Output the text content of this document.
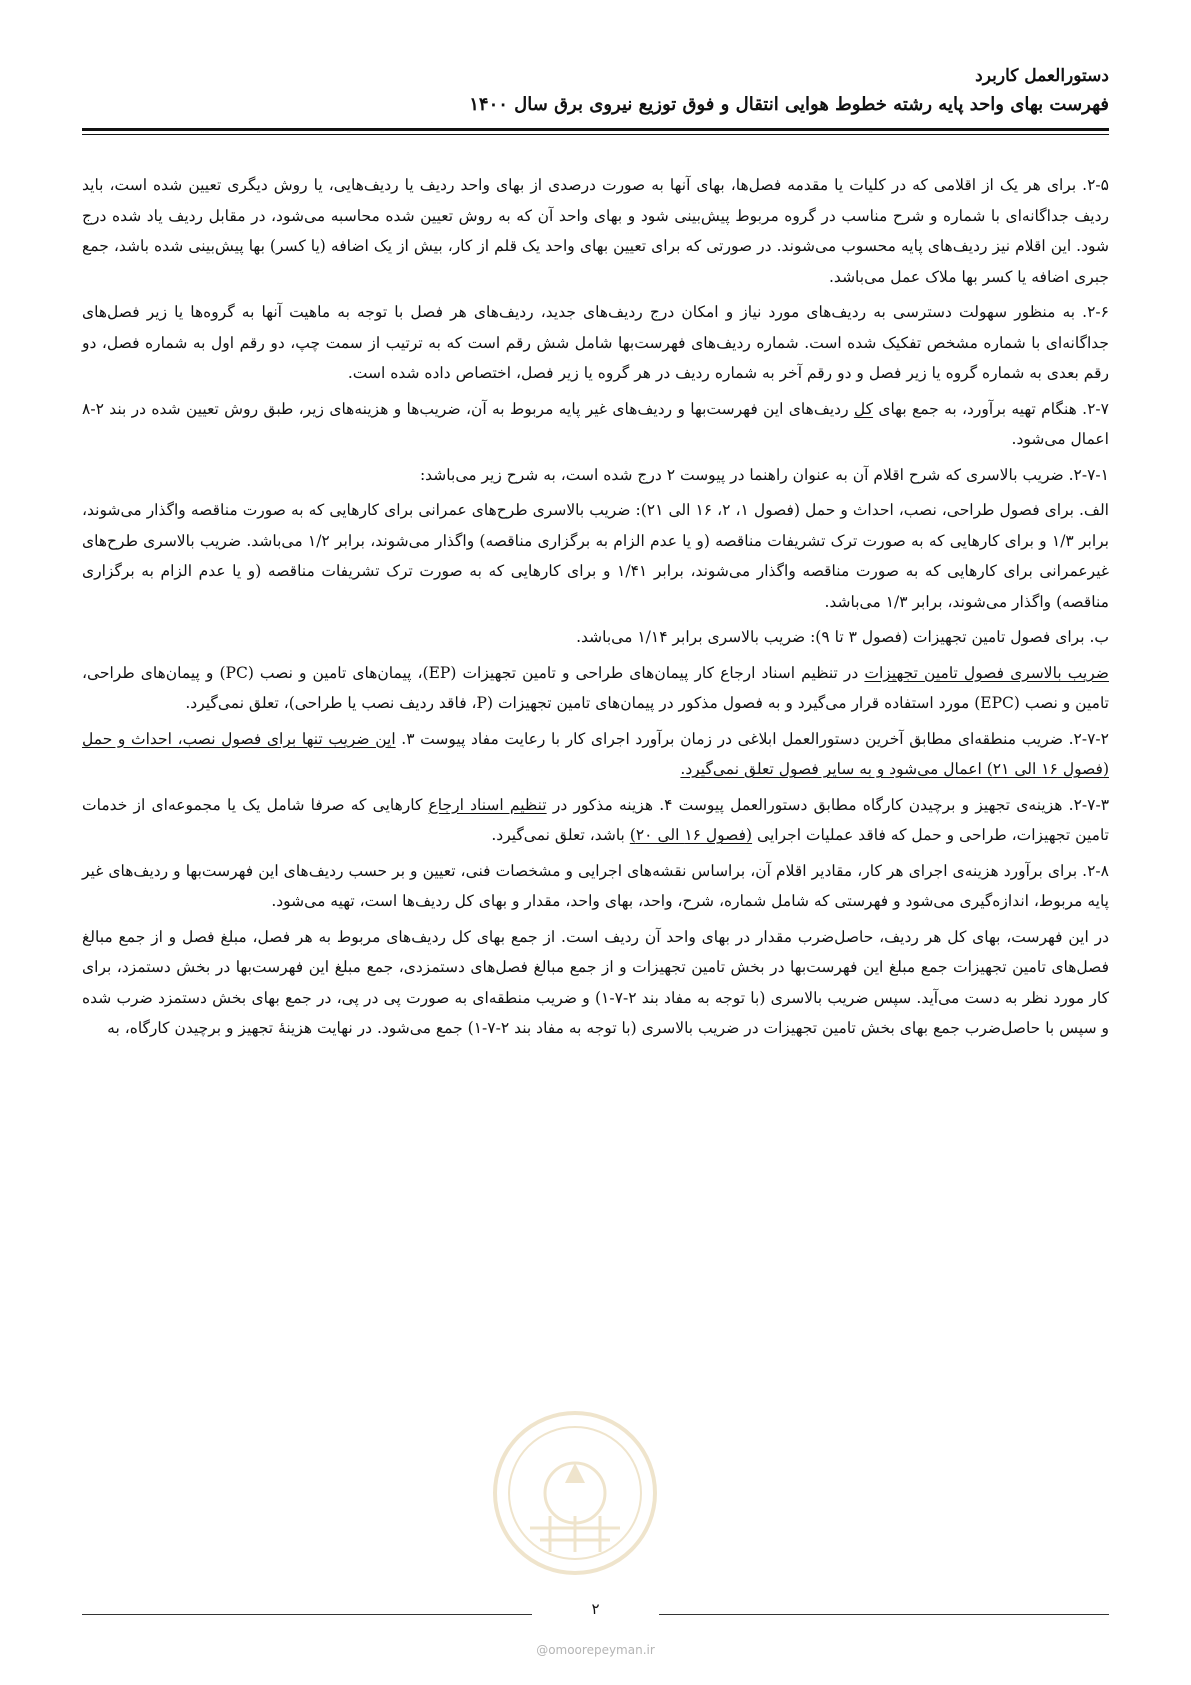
دستورالعمل کاربرد
فهرست بهای واحد پایه رشته خطوط هوایی انتقال و فوق توزیع نیروی برق سال ۱۴۰۰

۲-۵. برای هر یک از اقلامی که در کلیات یا مقدمه فصل‌ها، بهای آنها به صورت درصدی از بهای واحد ردیف یا ردیف‌هایی، یا روش دیگری تعیین شده است، باید ردیف جداگانه‌ای با شماره و شرح مناسب در گروه مربوط پیش‌بینی شود و بهای واحد آن که به روش تعیین شده محاسبه می‌شود، در مقابل ردیف یاد شده درج شود. این اقلام نیز ردیف‌های پایه محسوب می‌شوند. در صورتی که برای تعیین بهای واحد یک قلم از کار، بیش از یک اضافه (یا کسر) بها پیش‌بینی شده باشد، جمع جبری اضافه یا کسر بها ملاک عمل می‌باشد.

۲-۶. به منظور سهولت دسترسی به ردیف‌های مورد نیاز و امکان درج ردیف‌های جدید، ردیف‌های هر فصل با توجه به ماهیت آنها به گروه‌ها یا زیر فصل‌های جداگانه‌ای با شماره مشخص تفکیک شده است. شماره ردیف‌های فهرست‌بها شامل شش رقم است که به ترتیب از سمت چپ، دو رقم اول به شماره فصل، دو رقم بعدی به شماره گروه یا زیر فصل و دو رقم آخر به شماره ردیف در هر گروه یا زیر فصل، اختصاص داده شده است.

۲-۷. هنگام تهیه برآورد، به جمع بهای کل ردیف‌های این فهرست‌بها و ردیف‌های غیر پایه مربوط به آن، ضریب‌ها و هزینه‌های زیر، طبق روش تعیین شده در بند ۲-۸ اعمال می‌شود.

۲-۷-۱. ضریب بالاسری که شرح اقلام آن به عنوان راهنما در پیوست ۲ درج شده است، به شرح زیر می‌باشد:

الف. برای فصول طراحی، نصب، احداث و حمل (فصول ۱، ۲، ۱۶ الی ۲۱): ضریب بالاسری طرح‌های عمرانی برای کارهایی که به صورت مناقصه واگذار می‌شوند، برابر ۱/۳ و برای کارهایی که به صورت ترک تشریفات مناقصه (و یا عدم الزام به برگزاری مناقصه) واگذار می‌شوند، برابر ۱/۲ می‌باشد. ضریب بالاسری طرح‌های غیرعمرانی برای کارهایی که به صورت مناقصه واگذار می‌شوند، برابر ۱/۴۱ و برای کارهایی که به صورت ترک تشریفات مناقصه (و یا عدم الزام به برگزاری مناقصه) واگذار می‌شوند، برابر ۱/۳ می‌باشد.

ب. برای فصول تامین تجهیزات (فصول ۳ تا ۹): ضریب بالاسری برابر ۱/۱۴ می‌باشد.

ضریب بالاسری فصول تامین تجهیزات در تنظیم اسناد ارجاع کار پیمان‌های طراحی و تامین تجهیزات (EP)، پیمان‌های تامین و نصب (PC) و پیمان‌های طراحی، تامین و نصب (EPC) مورد استفاده قرار می‌گیرد و به فصول مذکور در پیمان‌های تامین تجهیزات (P، فاقد ردیف نصب یا طراحی)، تعلق نمی‌گیرد.

۲-۷-۲. ضریب منطقه‌ای مطابق آخرین دستورالعمل ابلاغی در زمان برآورد اجرای کار با رعایت مفاد پیوست ۳. این ضریب تنها برای فصول نصب، احداث و حمل (فصول ۱۶ الی ۲۱) اعمال می‌شود و به سایر فصول تعلق نمی‌گیرد.

۲-۷-۳. هزینه‌ی تجهیز و برچیدن کارگاه مطابق دستورالعمل پیوست ۴. هزینه مذکور در تنظیم اسناد ارجاع کارهایی که صرفا شامل یک یا مجموعه‌ای از خدمات تامین تجهیزات، طراحی و حمل که فاقد عملیات اجرایی (فصول ۱۶ الی ۲۰) باشد، تعلق نمی‌گیرد.

۲-۸. برای برآورد هزینه‌ی اجرای هر کار، مقادیر اقلام آن، براساس نقشه‌های اجرایی و مشخصات فنی، تعیین و بر حسب ردیف‌های این فهرست‌بها و ردیف‌های غیر پایه مربوط، اندازه‌گیری می‌شود و فهرستی که شامل شماره، شرح، واحد، بهای واحد، مقدار و بهای کل ردیف‌ها است، تهیه می‌شود.

در این فهرست، بهای کل هر ردیف، حاصل‌ضرب مقدار در بهای واحد آن ردیف است. از جمع بهای کل ردیف‌های مربوط به هر فصل، مبلغ فصل و از جمع مبالغ فصل‌های تامین تجهیزات جمع مبلغ این فهرست‌بها در بخش تامین تجهیزات و از جمع مبالغ فصل‌های دستمزدی، جمع مبلغ این فهرست‌بها در بخش دستمزد، برای کار مورد نظر به دست می‌آید. سپس ضریب بالاسری (با توجه به مفاد بند ۲-۷-۱) و ضریب منطقه‌ای به صورت پی در پی، در جمع بهای بخش دستمزد ضرب شده و سپس با حاصل‌ضرب جمع بهای بخش تامین تجهیزات در ضریب بالاسری (با توجه به مفاد بند ۲-۷-۱) جمع می‌شود. در نهایت هزینهٔ تجهیز و برچیدن کارگاه، به

۲
@omoorepeyman.ir
